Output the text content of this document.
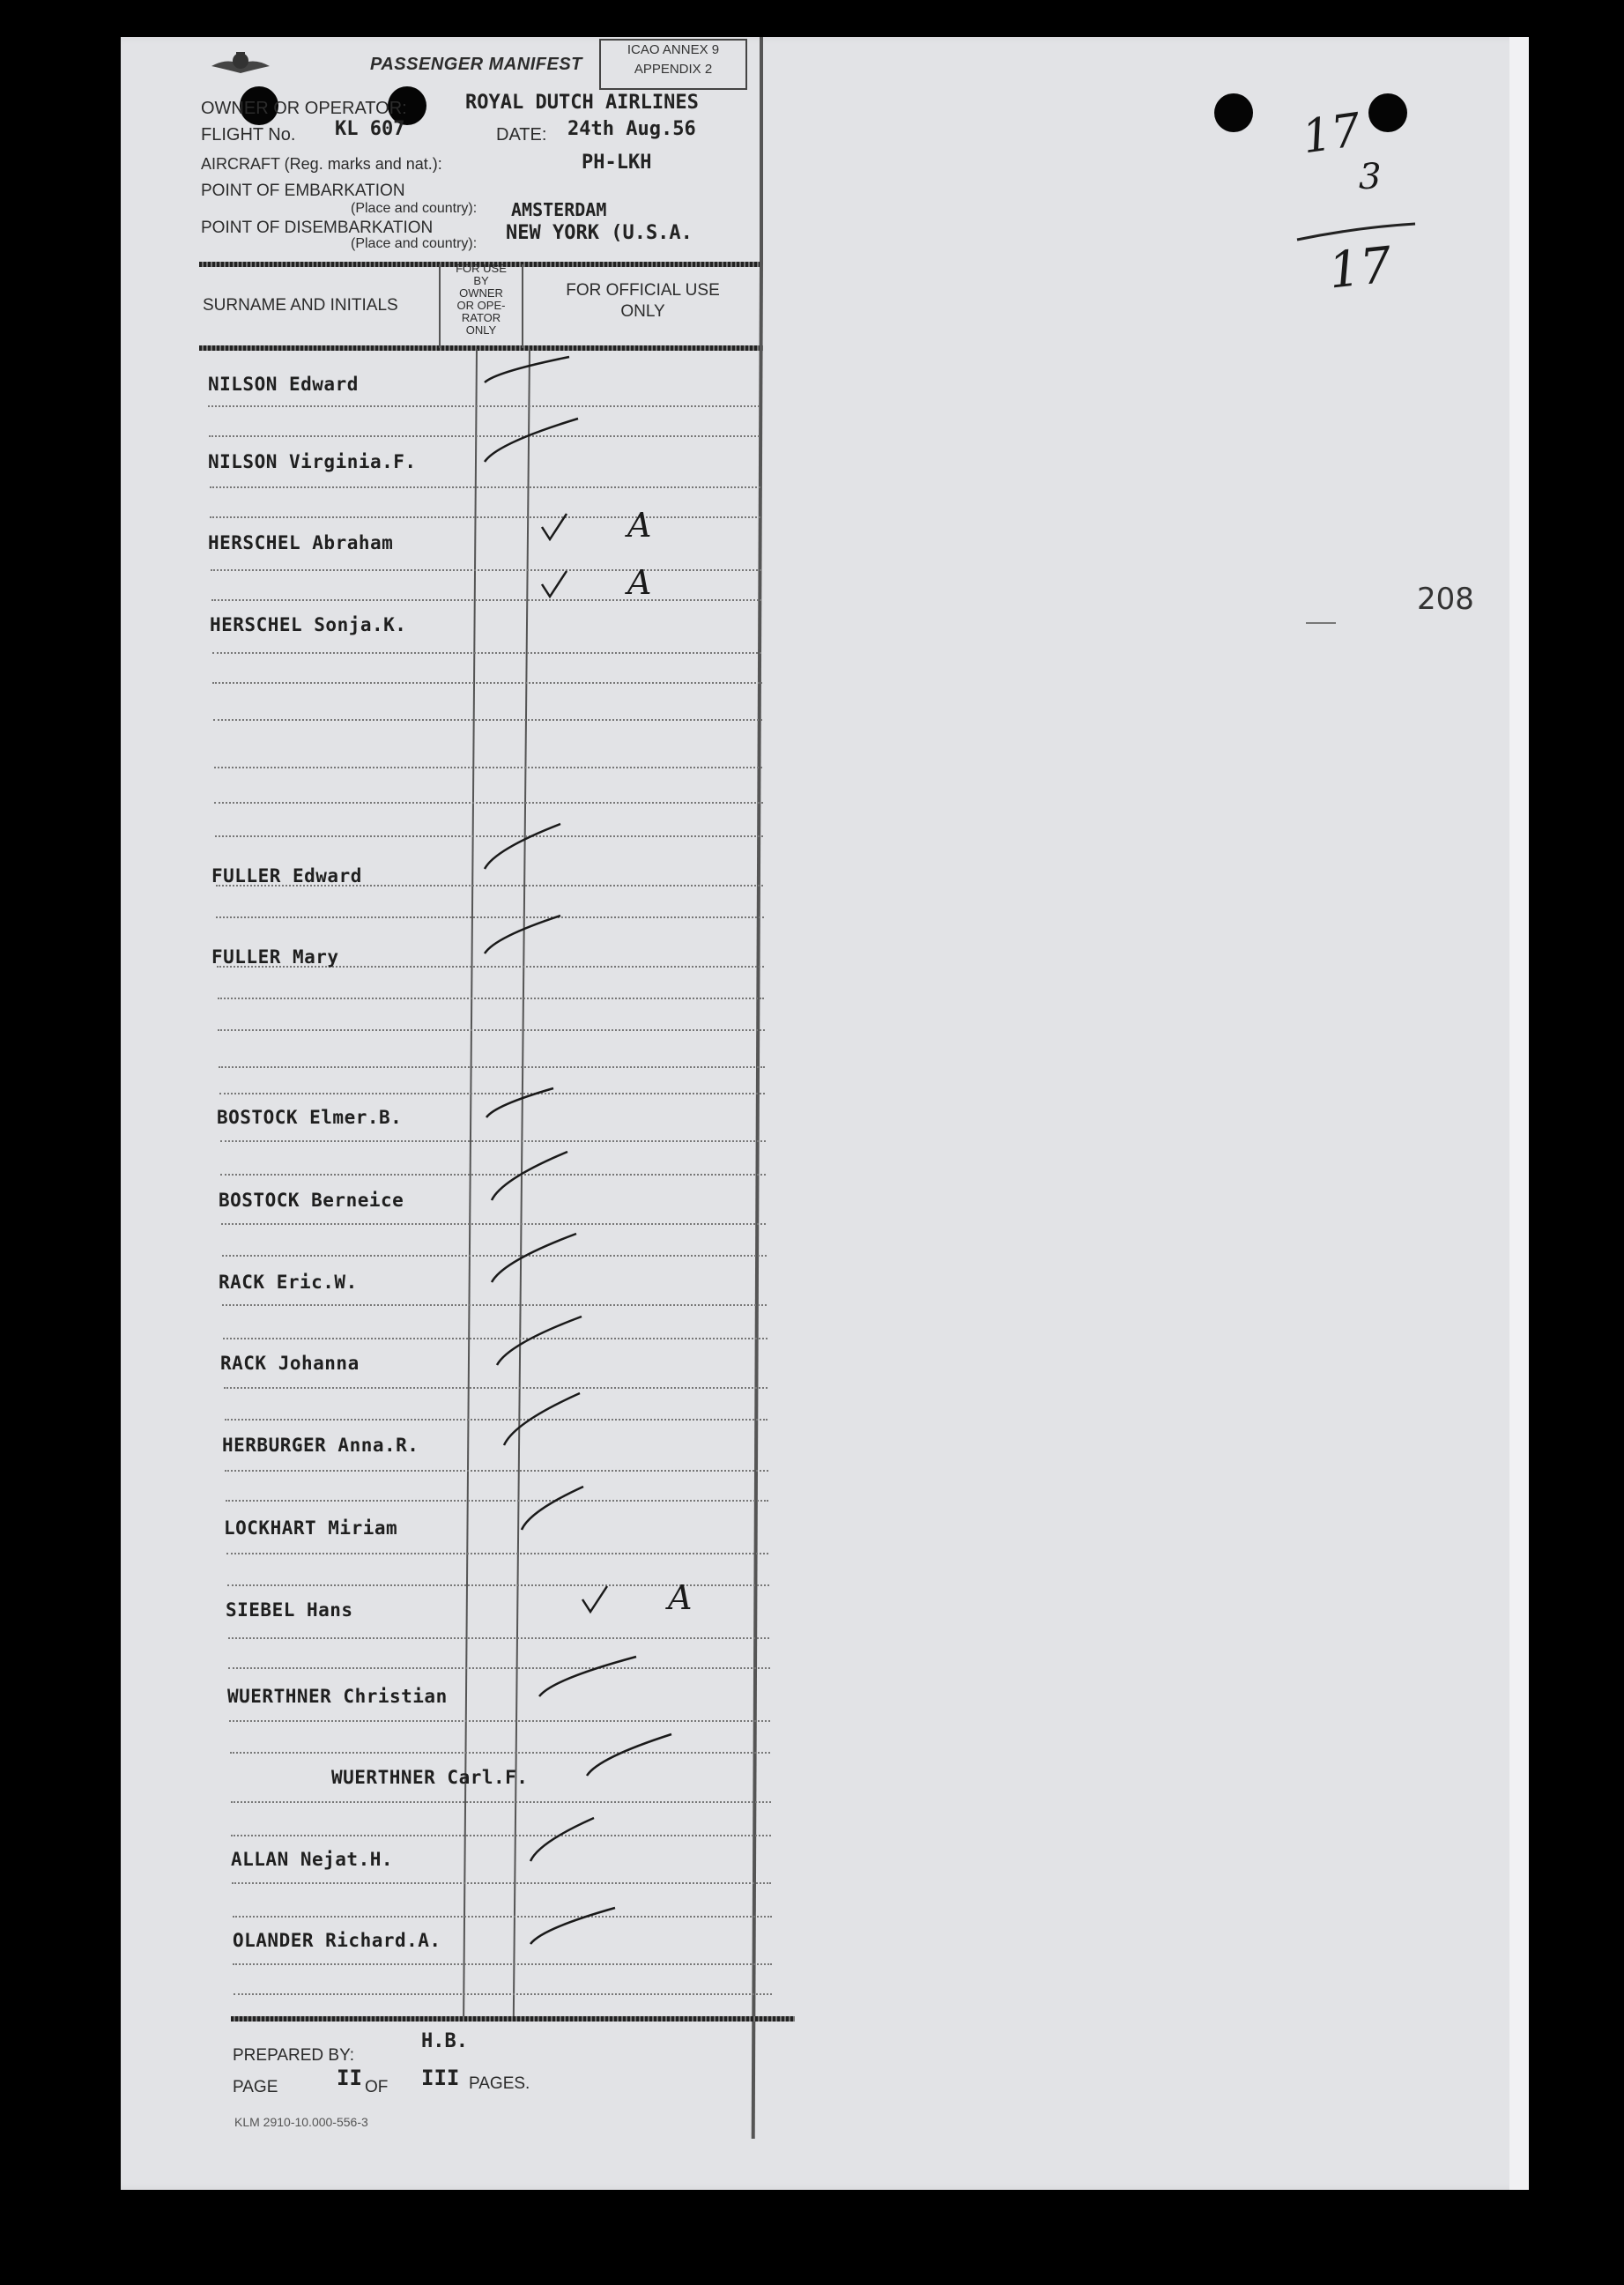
PASSENGER MANIFEST
ICAO ANNEX 9
APPENDIX 2
OWNER OR OPERATOR:	ROYAL DUTCH AIRLINES
FLIGHT No. KL 607	DATE: 24th Aug.56
AIRCRAFT (Reg. marks and nat.):	PH-LKH
POINT OF EMBARKATION
(Place and country): AMSTERDAM
POINT OF DISEMBARKATION
(Place and country): NEW YORK (U.S.A.
SURNAME AND INITIALS
FOR USE
BY
OWNER
OR OPE-
RATOR
ONLY
FOR OFFICIAL USE
ONLY
NILSON Edward
NILSON Virginia.F.
HERSCHEL Abraham	A
HERSCHEL Sonja.K.
A
FULLER Edward
FULLER Mary
BOSTOCK Elmer.B.
BOSTOCK Berneice
RACK Eric.W.
RACK Johanna
HERBURGER Anna.R.
LOCKHART Miriam
SIEBEL Hans	A
WUERTHNER Christian
WUERTHNER Carl.F.
ALLAN Nejat.H.
OLANDER Richard.A.
17
3
17
208
PREPARED BY:
H.B.
PAGE	II OF III PAGES.
KLM 2910-10.000-556-3
